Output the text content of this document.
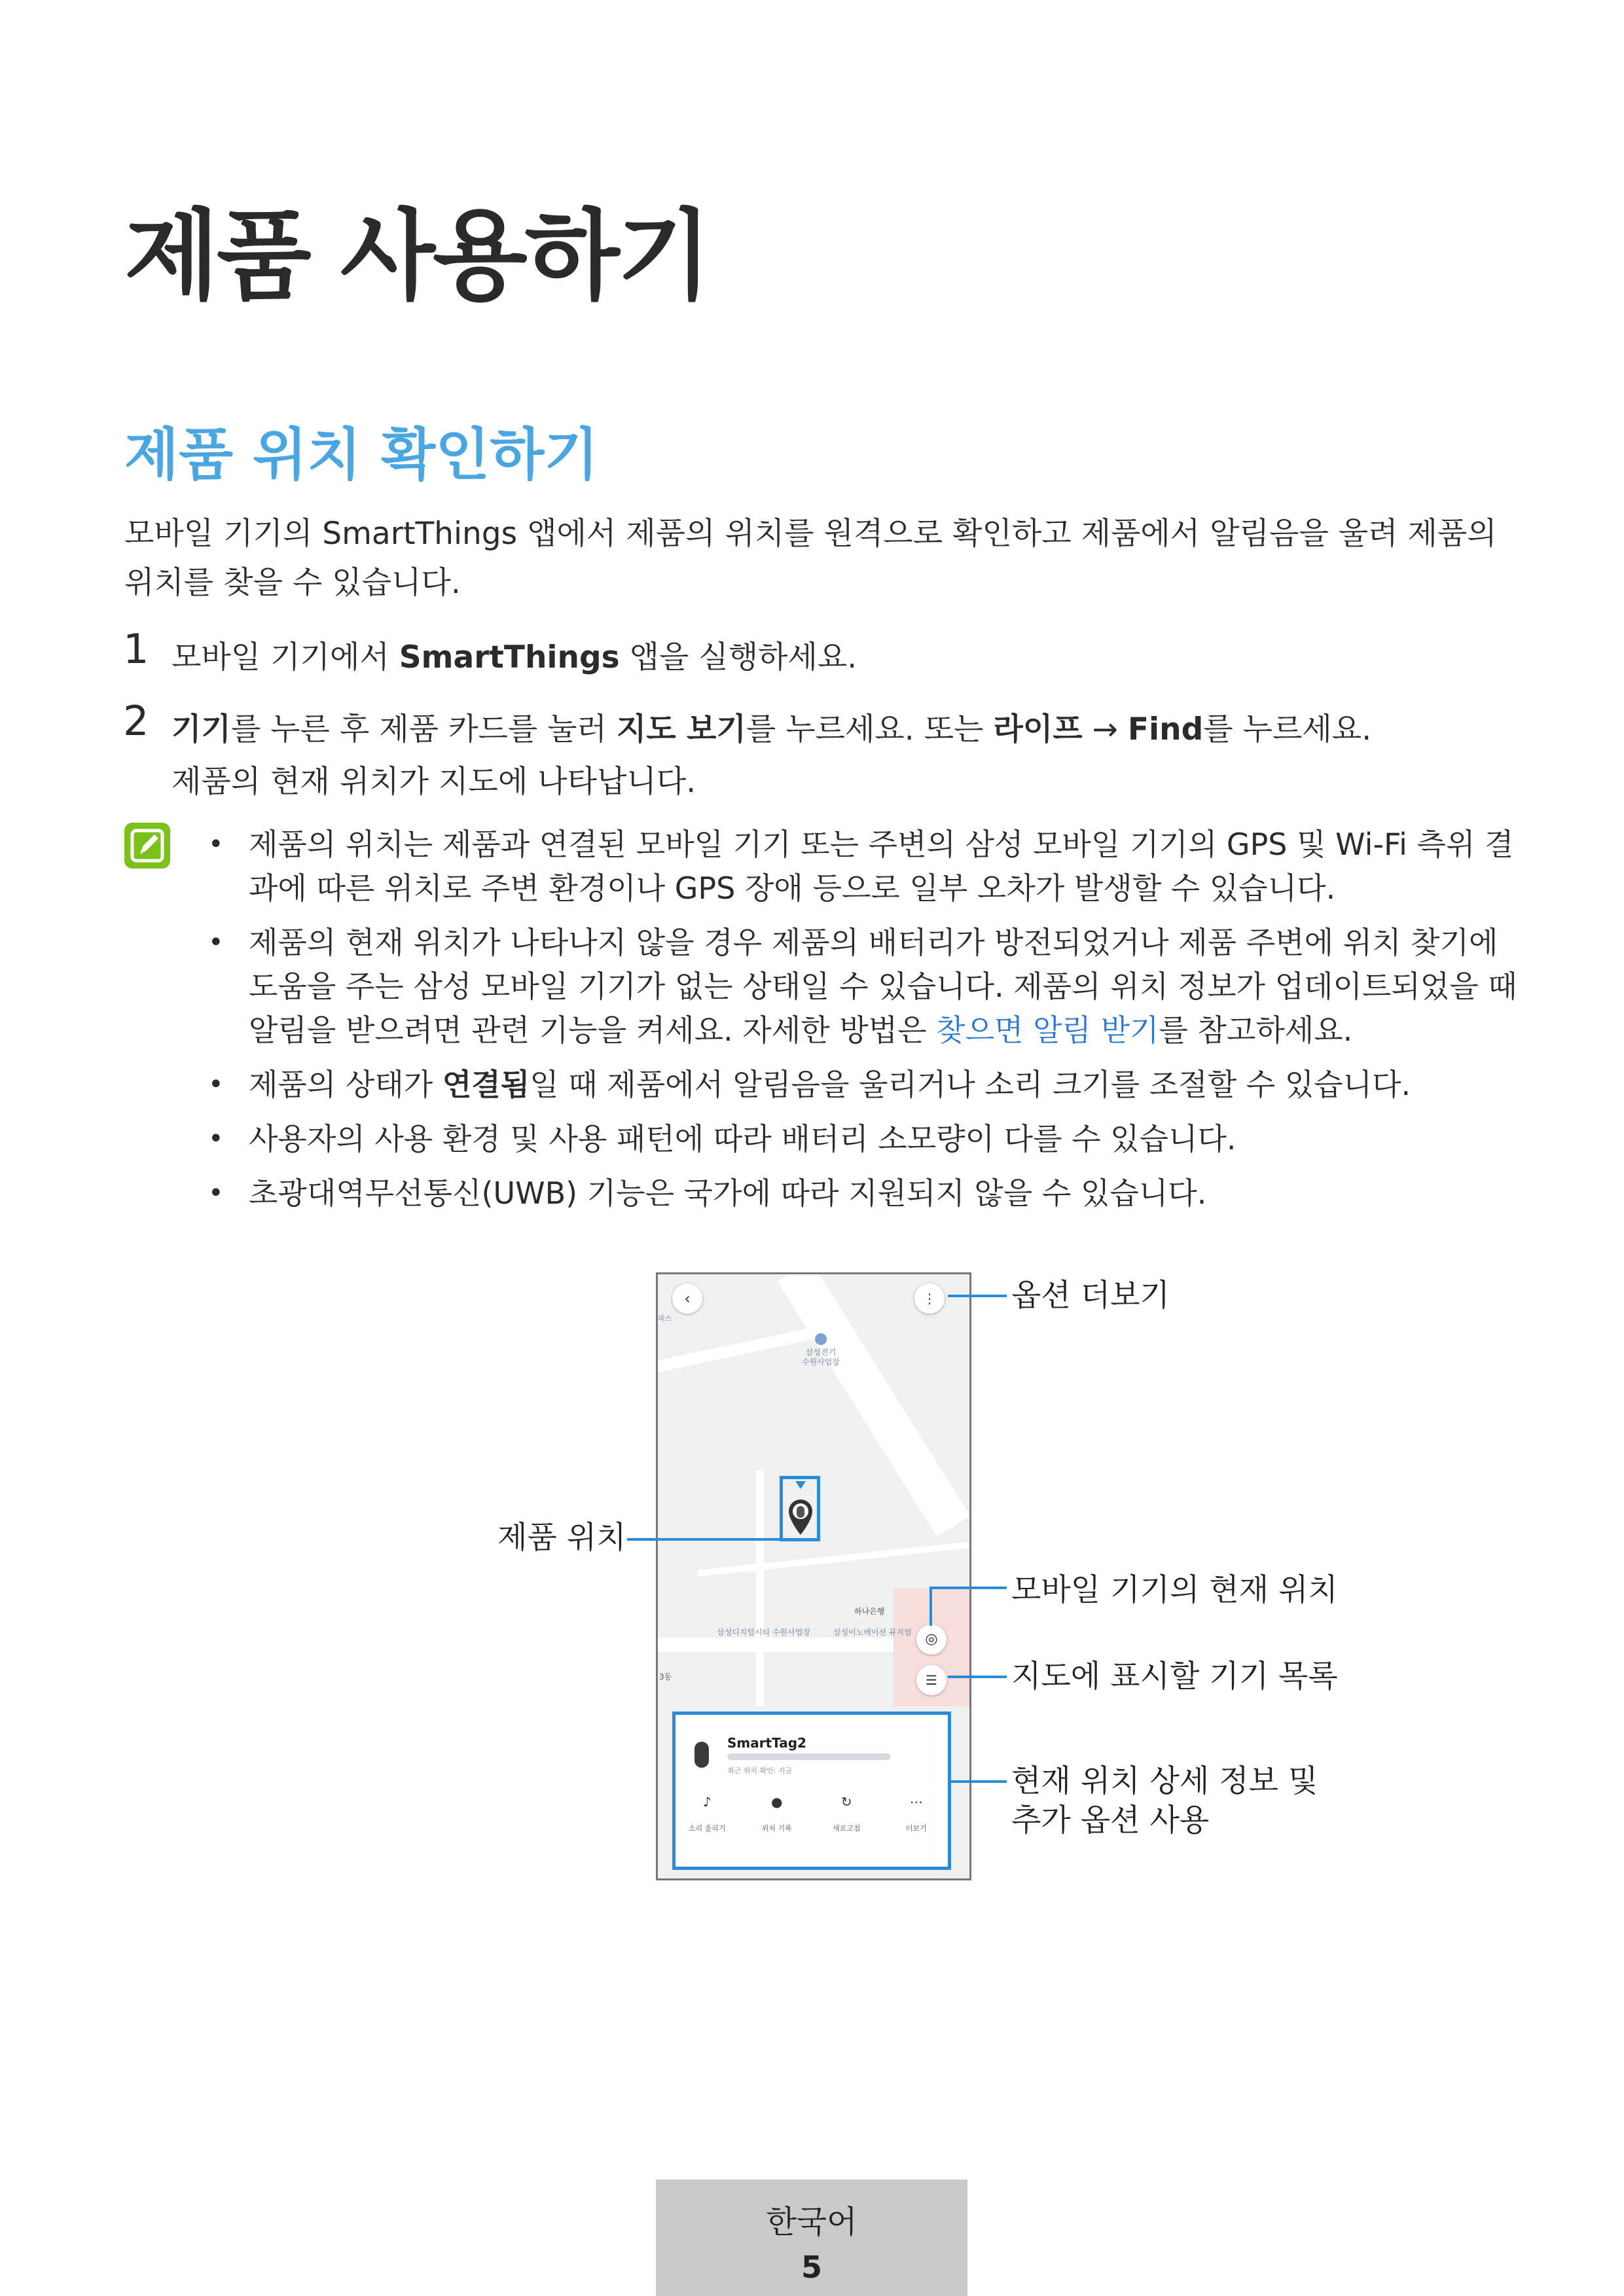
제품 사용하기
제품 위치 확인하기
모바일 기기의 SmartThings 앱에서 제품의 위치를 원격으로 확인하고 제품에서 알림음을 울려 제품의 위치를 찾을 수 있습니다.
1 모바일 기기에서 SmartThings 앱을 실행하세요.
2 기기를 누른 후 제품 카드를 눌러 지도 보기를 누르세요. 또는 라이프 → Find를 누르세요.
제품의 현재 위치가 지도에 나타납니다.
• 제품의 위치는 제품과 연결된 모바일 기기 또는 주변의 삼성 모바일 기기의 GPS 및 Wi-Fi 측위 결과에 따른 위치로 주변 환경이나 GPS 장애 등으로 일부 오차가 발생할 수 있습니다.
• 제품의 현재 위치가 나타나지 않을 경우 제품의 배터리가 방전되었거나 제품 주변에 위치 찾기에 도움을 주는 삼성 모바일 기기가 없는 상태일 수 있습니다. 제품의 위치 정보가 업데이트되었을 때 알림을 받으려면 관련 기능을 켜세요. 자세한 방법은 찾으면 알림 받기를 참고하세요.
• 제품의 상태가 연결됨일 때 제품에서 알림음을 울리거나 소리 크기를 조절할 수 있습니다.
• 사용자의 사용 환경 및 사용 패턴에 따라 배터리 소모량이 다를 수 있습니다.
• 초광대역무선통신(UWB) 기능은 국가에 따라 지원되지 않을 수 있습니다.
‹	⋮

삼성전기
수원사업장
파스
하나은행
삼성디지털시티 수원사업장	삼성이노베이션 뮤지엄
3동
◎
☰
SmartTag2
최근 위치 확인: 지금
♪
소리 울리기
●
위치 기록
↻
새로고침
⋯
더보기
옵션 더보기
제품 위치
모바일 기기의 현재 위치
지도에 표시할 기기 목록
현재 위치 상세 정보 및
추가 옵션 사용
한국어
5
